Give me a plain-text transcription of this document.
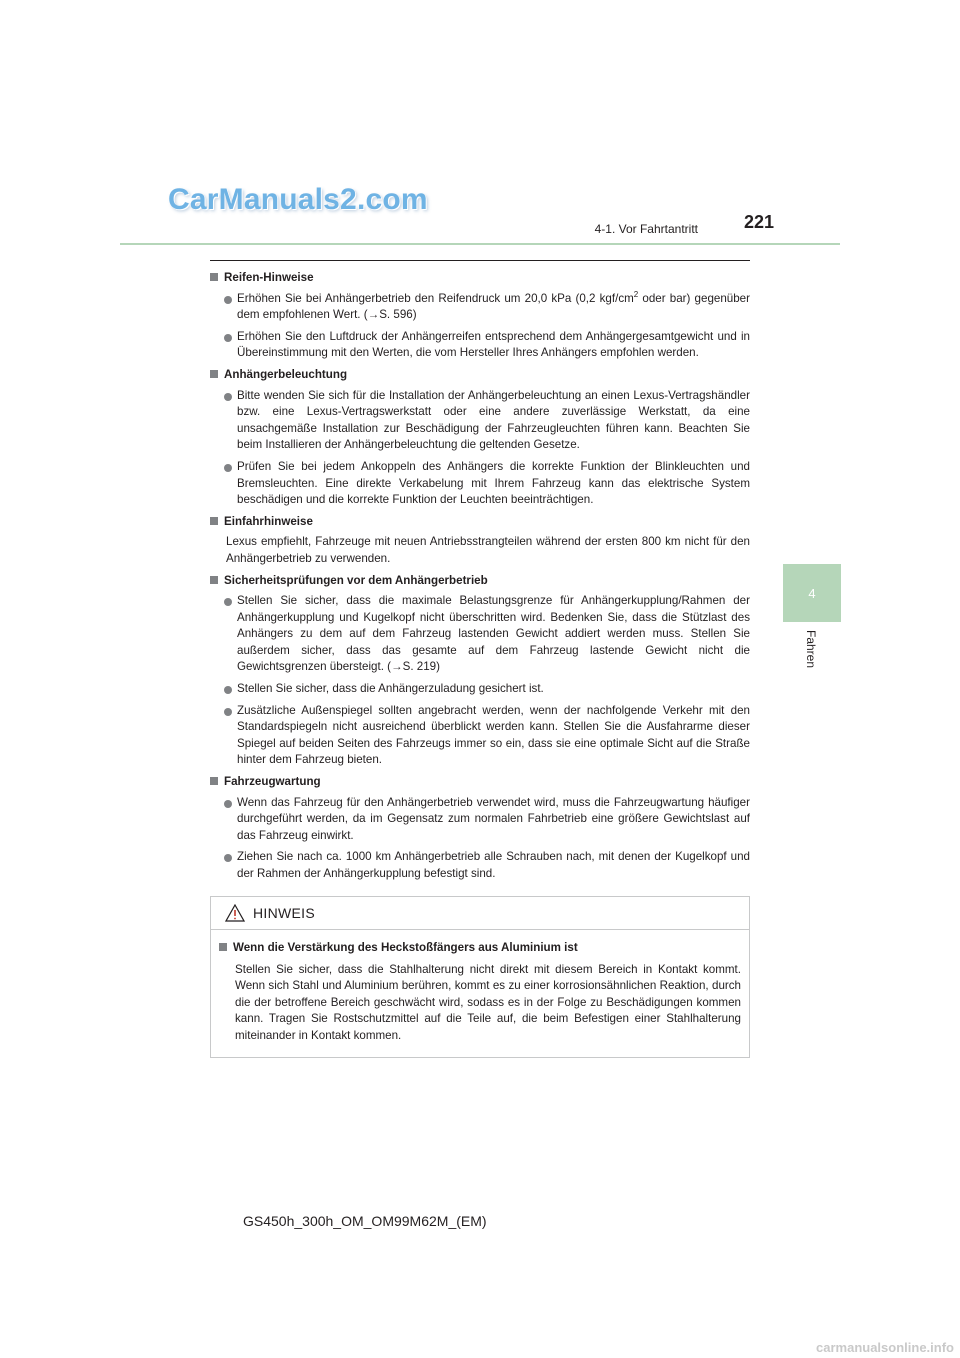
CarManuals2.com
4-1. Vor Fahrtantritt	221
4
Fahren
Reifen-Hinweise
Erhöhen Sie bei Anhängerbetrieb den Reifendruck um 20,0 kPa (0,2 kgf/$cm^2$ oder bar) gegenüber dem empfohlenen Wert. (→S. 596)
Erhöhen Sie den Luftdruck der Anhängerreifen entsprechend dem Anhängergesamtgewicht und in Übereinstimmung mit den Werten, die vom Hersteller Ihres Anhängers empfohlen werden.
Anhängerbeleuchtung
Bitte wenden Sie sich für die Installation der Anhängerbeleuchtung an einen Lexus-Vertragshändler bzw. eine Lexus-Vertragswerkstatt oder eine andere zuverlässige Werkstatt, da eine unsachgemäße Installation zur Beschädigung der Fahrzeugleuchten führen kann. Beachten Sie beim Installieren der Anhängerbeleuchtung die geltenden Gesetze.
Prüfen Sie bei jedem Ankoppeln des Anhängers die korrekte Funktion der Blinkleuchten und Bremsleuchten. Eine direkte Verkabelung mit Ihrem Fahrzeug kann das elektrische System beschädigen und die korrekte Funktion der Leuchten beeinträchtigen.
Einfahrhinweise
Lexus empfiehlt, Fahrzeuge mit neuen Antriebsstrangteilen während der ersten 800 km nicht für den Anhängerbetrieb zu verwenden.
Sicherheitsprüfungen vor dem Anhängerbetrieb
Stellen Sie sicher, dass die maximale Belastungsgrenze für Anhängerkupplung/Rahmen der Anhängerkupplung und Kugelkopf nicht überschritten wird. Bedenken Sie, dass die Stützlast des Anhängers zu dem auf dem Fahrzeug lastenden Gewicht addiert werden muss. Stellen Sie außerdem sicher, dass das gesamte auf dem Fahrzeug lastende Gewicht nicht die Gewichtsgrenzen übersteigt. (→S. 219)
Stellen Sie sicher, dass die Anhängerzuladung gesichert ist.
Zusätzliche Außenspiegel sollten angebracht werden, wenn der nachfolgende Verkehr mit den Standardspiegeln nicht ausreichend überblickt werden kann. Stellen Sie die Ausfahrarme dieser Spiegel auf beiden Seiten des Fahrzeugs immer so ein, dass sie eine optimale Sicht auf die Straße hinter dem Fahrzeug bieten.
Fahrzeugwartung
Wenn das Fahrzeug für den Anhängerbetrieb verwendet wird, muss die Fahrzeugwartung häufiger durchgeführt werden, da im Gegensatz zum normalen Fahrbetrieb eine größere Gewichtslast auf das Fahrzeug einwirkt.
Ziehen Sie nach ca. 1000 km Anhängerbetrieb alle Schrauben nach, mit denen der Kugelkopf und der Rahmen der Anhängerkupplung befestigt sind.
HINWEIS
Wenn die Verstärkung des Heckstoßfängers aus Aluminium ist
Stellen Sie sicher, dass die Stahlhalterung nicht direkt mit diesem Bereich in Kontakt kommt. Wenn sich Stahl und Aluminium berühren, kommt es zu einer korrosionsähnlichen Reaktion, durch die der betroffene Bereich geschwächt wird, sodass es in der Folge zu Beschädigungen kommen kann. Tragen Sie Rostschutzmittel auf die Teile auf, die beim Befestigen einer Stahlhalterung miteinander in Kontakt kommen.
GS450h_300h_OM_OM99M62M_(EM)
carmanualsonline.info
